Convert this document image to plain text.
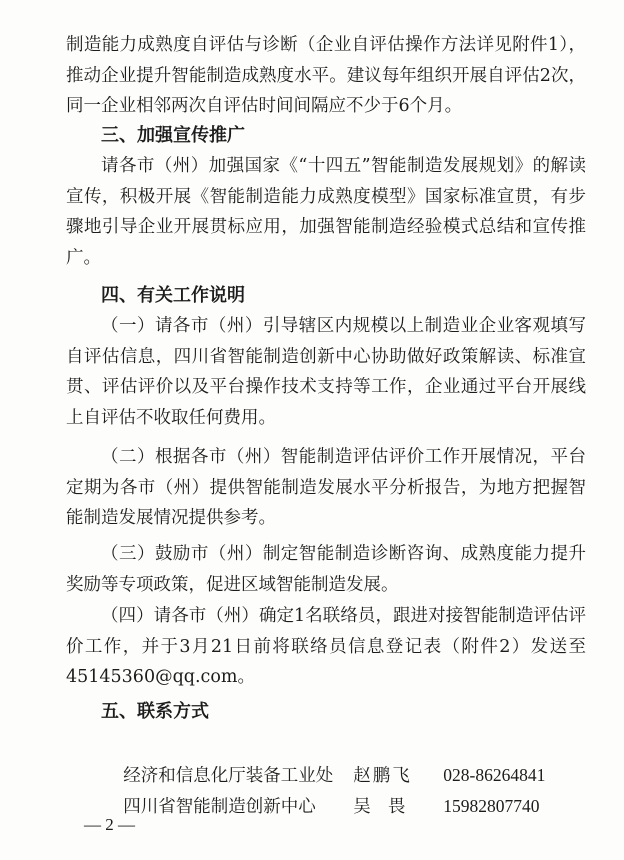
制造能力成熟度自评估与诊断（企业自评估操作方法详见附件1），推动企业提升智能制造成熟度水平。建议每年组织开展自评估2次，同一企业相邻两次自评估时间间隔应不少于6个月。

三、加强宣传推广

请各市（州）加强国家《“十四五”智能制造发展规划》的解读宣传，积极开展《智能制造能力成熟度模型》国家标准宣贯，有步骤地引导企业开展贯标应用，加强智能制造经验模式总结和宣传推广。

四、有关工作说明

（一）请各市（州）引导辖区内规模以上制造业企业客观填写自评估信息，四川省智能制造创新中心协助做好政策解读、标准宣贯、评估评价以及平台操作技术支持等工作，企业通过平台开展线上自评估不收取任何费用。

（二）根据各市（州）智能制造评估评价工作开展情况，平台定期为各市（州）提供智能制造发展水平分析报告，为地方把握智能制造发展情况提供参考。

（三）鼓励市（州）制定智能制造诊断咨询、成熟度能力提升奖励等专项政策，促进区域智能制造发展。

（四）请各市（州）确定1名联络员，跟进对接智能制造评估评价工作，并于3月21日前将联络员信息登记表（附件2）发送至45145360@qq.com。

五、联系方式

经济和信息化厅装备工业处 赵鹏飞 028-86264841

四川省智能制造创新中心 吴  畏 15982807740

— 2 —
